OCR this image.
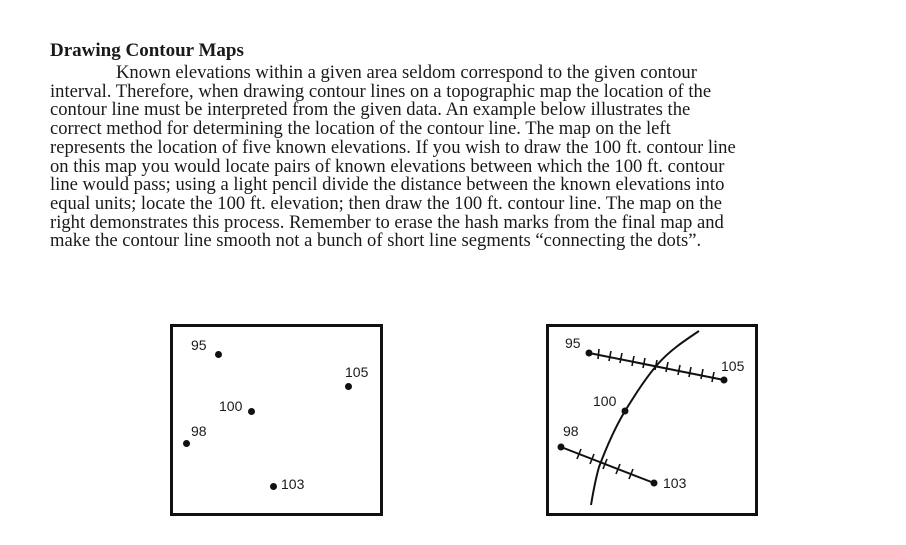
Drawing Contour Maps

Known elevations within a given area seldom correspond to the given contour
interval. Therefore, when drawing contour lines on a topographic map the location of the
contour line must be interpreted from the given data. An example below illustrates the
correct method for determining the location of the contour line. The map on the left
represents the location of five known elevations. If you wish to draw the 100 ft. contour line
on this map you would locate pairs of known elevations between which the 100 ft. contour
line would pass; using a light pencil divide the distance between the known elevations into
equal units; locate the 100 ft. elevation; then draw the 100 ft. contour line. The map on the
right demonstrates this process. Remember to erase the hash marks from the final map and
make the contour line smooth not a bunch of short line segments “connecting the dots”.

95
105
100
98
103
95
105
100
98
103
